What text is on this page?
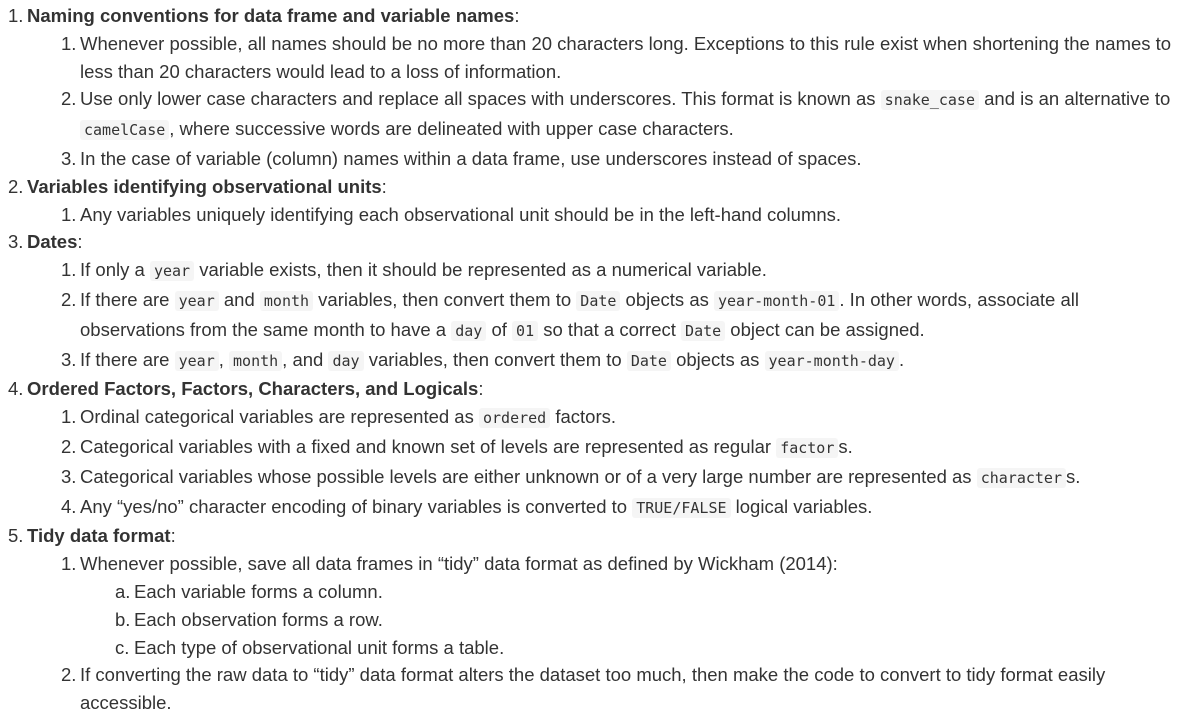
1. Naming conventions for data frame and variable names:
1. Whenever possible, all names should be no more than 20 characters long. Exceptions to this rule exist when shortening the names to less than 20 characters would lead to a loss of information.
2. Use only lower case characters and replace all spaces with underscores. This format is known as snake_case and is an alternative to camelCase , where successive words are delineated with upper case characters.
3. In the case of variable (column) names within a data frame, use underscores instead of spaces.
2. Variables identifying observational units:
1. Any variables uniquely identifying each observational unit should be in the left-hand columns.
3. Dates:
1. If only a year variable exists, then it should be represented as a numerical variable.
2. If there are year and month variables, then convert them to Date objects as year-month-01 . In other words, associate all observations from the same month to have a day of 01 so that a correct Date object can be assigned.
3. If there are year , month , and day variables, then convert them to Date objects as year-month-day .
4. Ordered Factors, Factors, Characters, and Logicals:
1. Ordinal categorical variables are represented as ordered factors.
2. Categorical variables with a fixed and known set of levels are represented as regular factor s.
3. Categorical variables whose possible levels are either unknown or of a very large number are represented as character s.
4. Any “yes/no” character encoding of binary variables is converted to TRUE/FALSE logical variables.
5. Tidy data format:
1. Whenever possible, save all data frames in “tidy” data format as defined by Wickham (2014):
a. Each variable forms a column.
b. Each observation forms a row.
c. Each type of observational unit forms a table.
2. If converting the raw data to “tidy” data format alters the dataset too much, then make the code to convert to tidy format easily accessible.
